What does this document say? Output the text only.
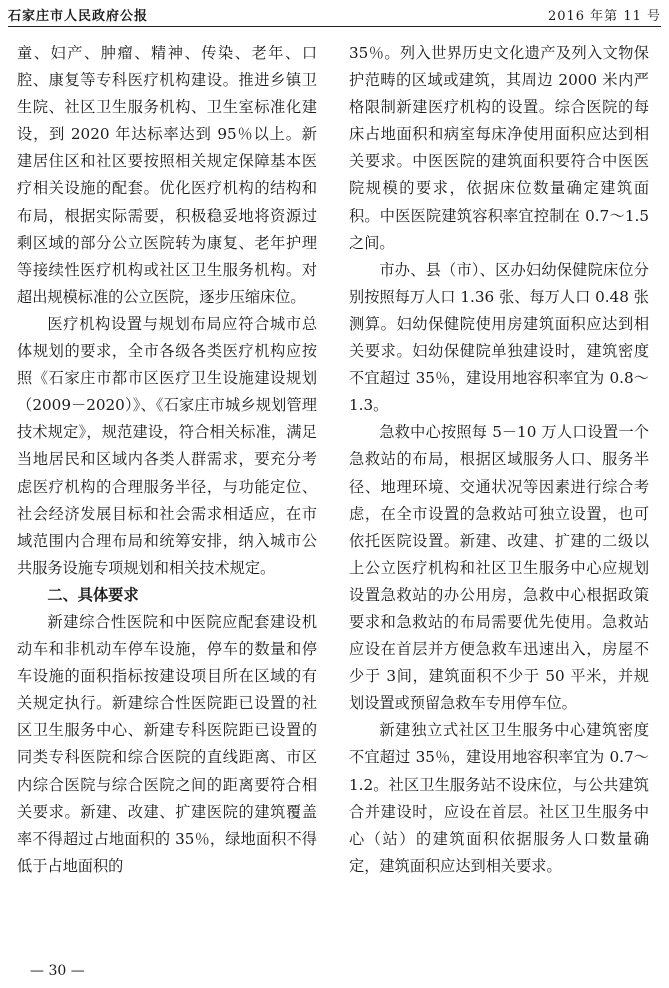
石家庄市人民政府公报	2016 年第 11 号

童、妇产、肿瘤、精神、传染、老年、口腔、康复等专科医疗机构建设。推进乡镇卫生院、社区卫生服务机构、卫生室标准化建设，到 2020 年达标率达到 95％以上。新建居住区和社区要按照相关规定保障基本医疗相关设施的配套。优化医疗机构的结构和布局，根据实际需要，积极稳妥地将资源过剩区域的部分公立医院转为康复、老年护理等接续性医疗机构或社区卫生服务机构。对超出规模标准的公立医院，逐步压缩床位。

医疗机构设置与规划布局应符合城市总体规划的要求，全市各级各类医疗机构应按照《石家庄市都市区医疗卫生设施建设规划（2009－2020）》、《石家庄市城乡规划管理技术规定》，规范建设，符合相关标准，满足当地居民和区域内各类人群需求，要充分考虑医疗机构的合理服务半径，与功能定位、社会经济发展目标和社会需求相适应，在市域范围内合理布局和统筹安排，纳入城市公共服务设施专项规划和相关技术规定。

二、具体要求

新建综合性医院和中医院应配套建设机动车和非机动车停车设施，停车的数量和停车设施的面积指标按建设项目所在区域的有关规定执行。新建综合性医院距已设置的社区卫生服务中心、新建专科医院距已设置的同类专科医院和综合医院的直线距离、市区内综合医院与综合医院之间的距离要符合相关要求。新建、改建、扩建医院的建筑覆盖率不得超过占地面积的 35％，绿地面积不得低于占地面积的

35％。列入世界历史文化遗产及列入文物保护范畴的区域或建筑，其周边 2000 米内严格限制新建医疗机构的设置。综合医院的每床占地面积和病室每床净使用面积应达到相关要求。中医医院的建筑面积要符合中医医院规模的要求，依据床位数量确定建筑面积。中医医院建筑容积率宜控制在 0.7～1.5 之间。

市办、县（市）、区办妇幼保健院床位分别按照每万人口 1.36 张、每万人口 0.48 张测算。妇幼保健院使用房建筑面积应达到相关要求。妇幼保健院单独建设时，建筑密度不宜超过 35％，建设用地容积率宜为 0.8～1.3。

急救中心按照每 5－10 万人口设置一个急救站的布局，根据区域服务人口、服务半径、地理环境、交通状况等因素进行综合考虑，在全市设置的急救站可独立设置，也可依托医院设置。新建、改建、扩建的二级以上公立医疗机构和社区卫生服务中心应规划设置急救站的办公用房，急救中心根据政策要求和急救站的布局需要优先使用。急救站应设在首层并方便急救车迅速出入，房屋不少于 3间，建筑面积不少于 50 平米，并规划设置或预留急救车专用停车位。

新建独立式社区卫生服务中心建筑密度不宜超过 35％，建设用地容积率宜为 0.7～1.2。社区卫生服务站不设床位，与公共建筑合并建设时，应设在首层。社区卫生服务中心（站）的建筑面积依据服务人口数量确定，建筑面积应达到相关要求。

— 30 —
